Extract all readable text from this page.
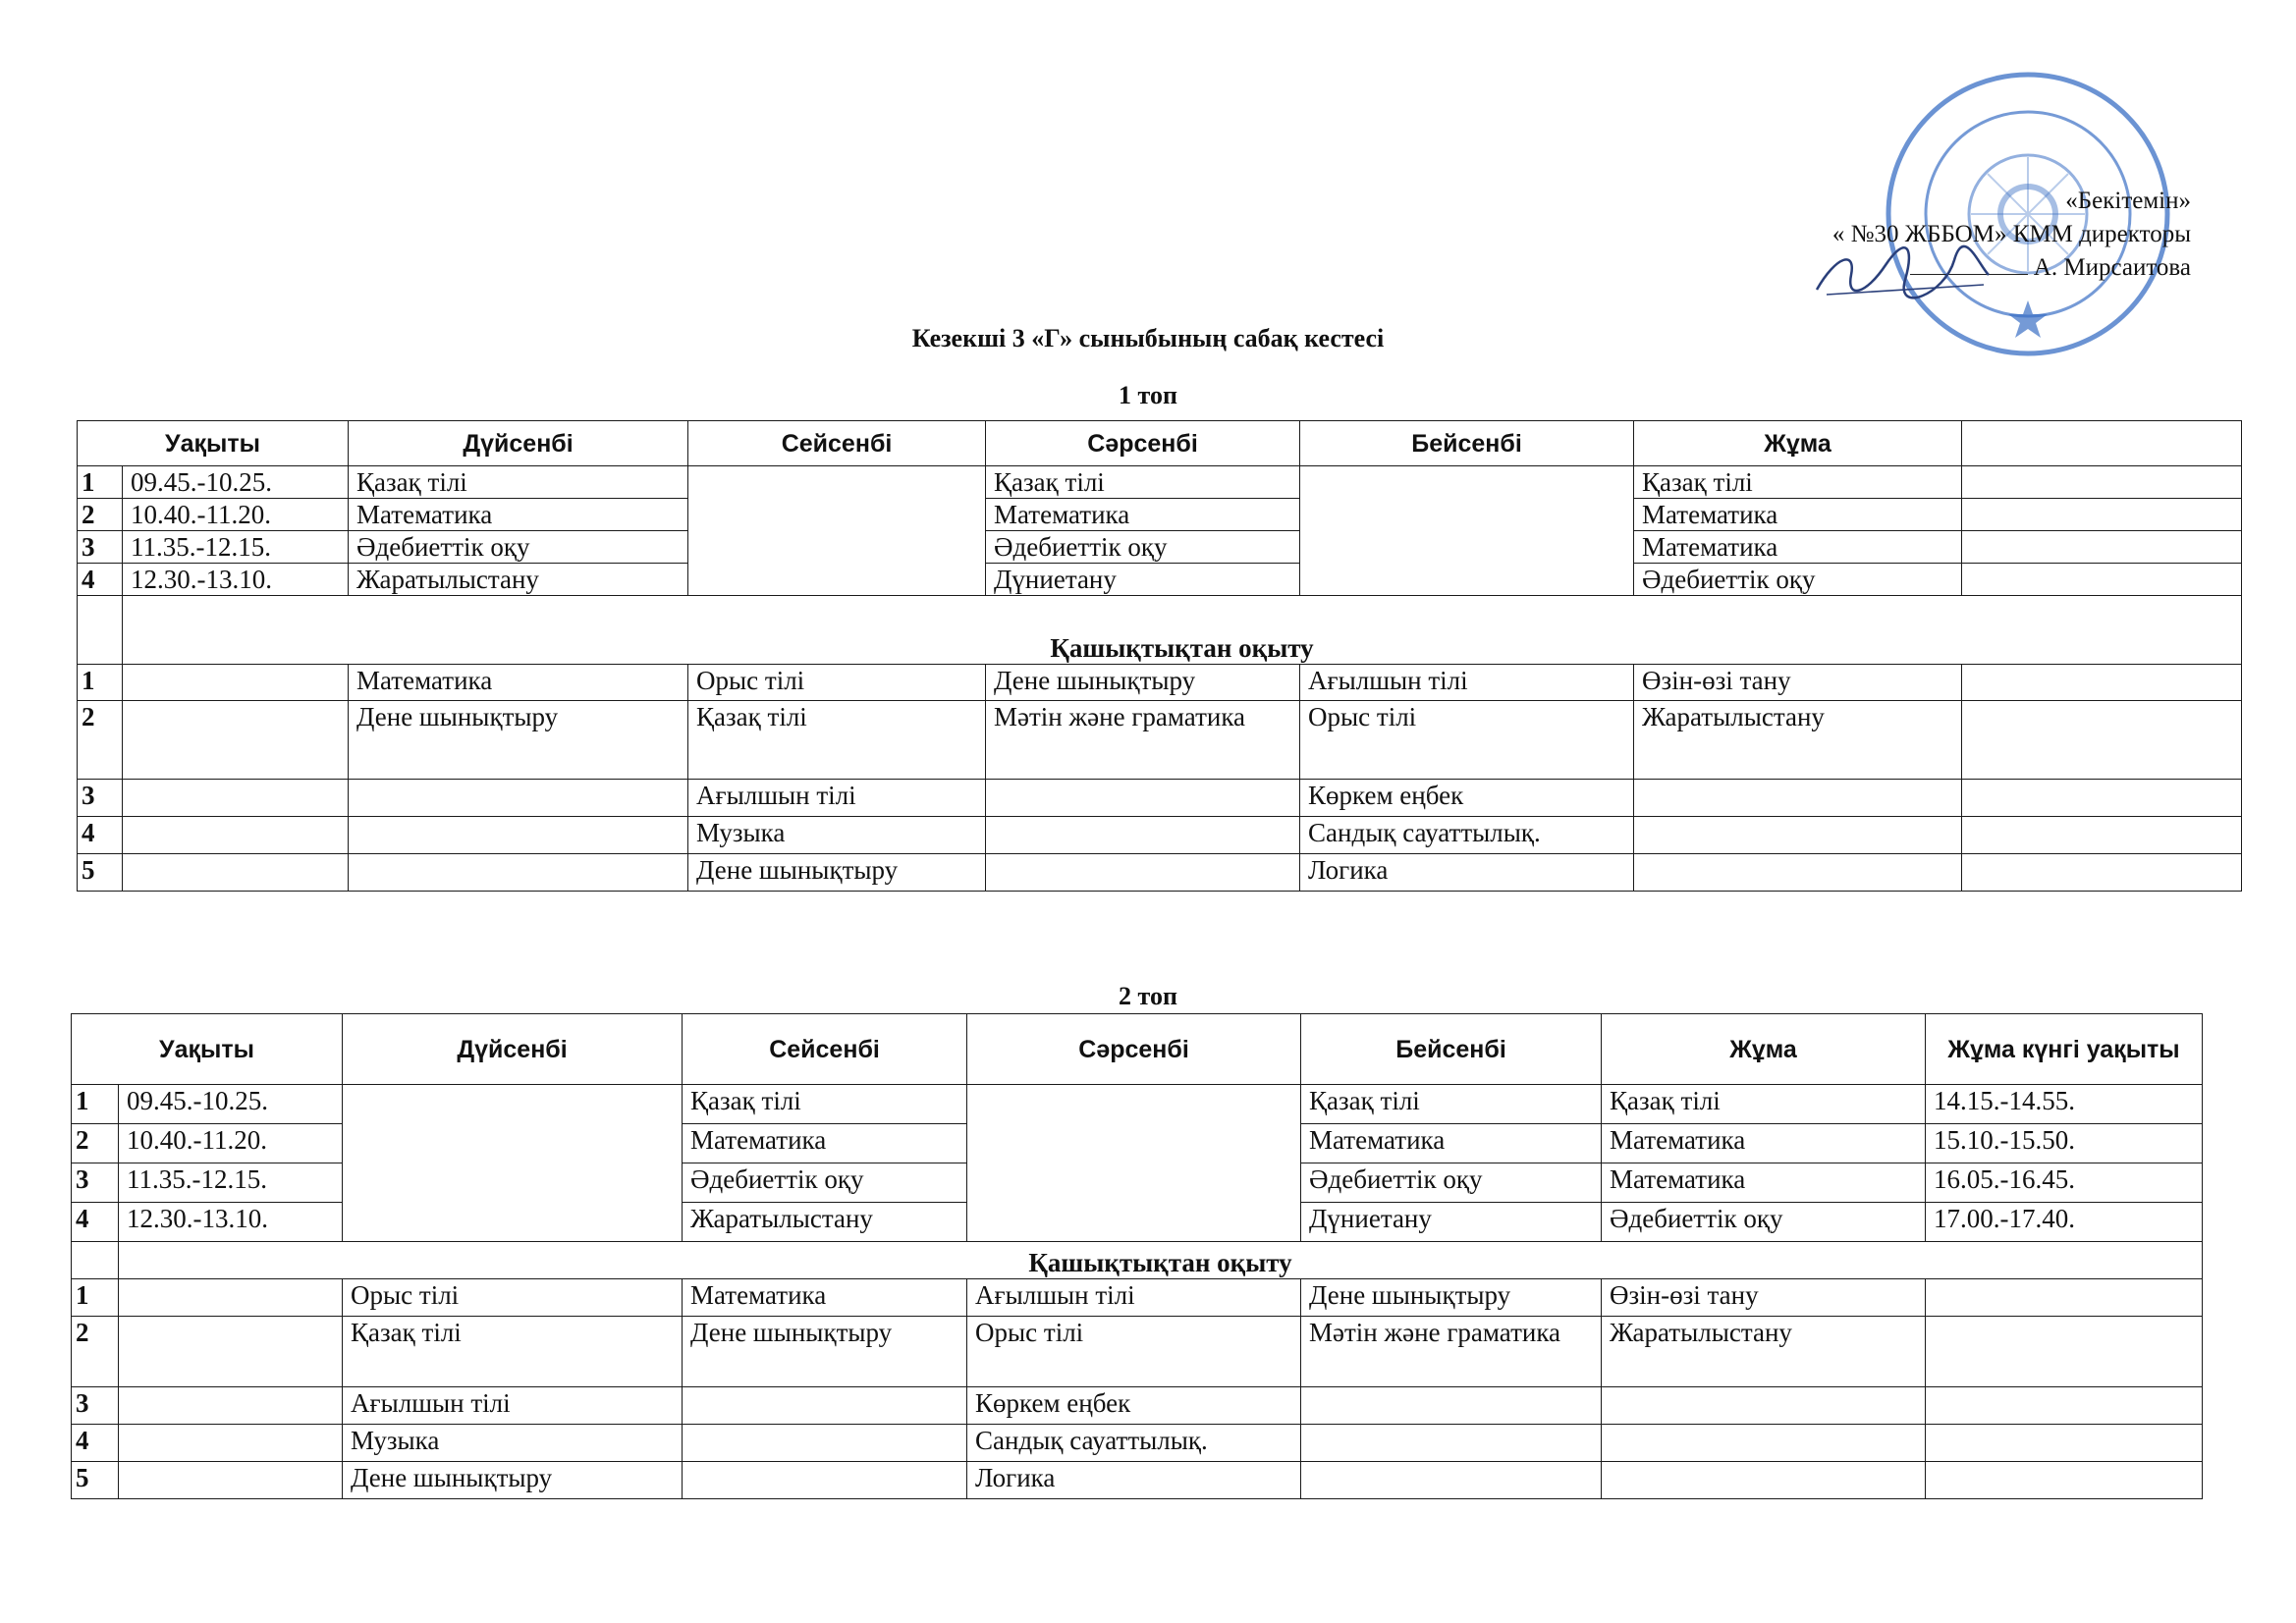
«Бекітемін»
« №30 ЖББОМ» КММ директоры
А. Мирсаитова
Кезекші 3 «Г» сыныбының сабақ кестесі
1 топ
Уақыты		Дүйсенбі	Сейсенбі	Сәрсенбі	Бейсенбі	Жұма	
1	09.45.-10.25.	Қазақ тілі		Қазақ тілі		Қазақ тілі	
2	10.40.-11.20.	Математика		Математика		Математика	
3	11.35.-12.15.	Әдебиеттік оқу		Әдебиеттік оқу		Математика	
4	12.30.-13.10.	Жаратылыстану		Дүниетану		Әдебиеттік оқу	
	Қашықтықтан оқыту						
1		Математика	Орыс тілі	Дене шынықтыру	Ағылшын тілі	Өзін-өзі тану	
2		Дене шынықтыру	Қазақ тілі	Мәтін және граматика	Орыс тілі	Жаратылыстану	
3			Ағылшын тілі		Көркем еңбек		
4			Музыка		Сандық сауаттылық.		
5			Дене шынықтыру		Логика		
2 топ
Уақыты		Дүйсенбі	Сейсенбі	Сәрсенбі	Бейсенбі	Жұма	Жұма күнгі уақыты
1	09.45.-10.25.		Қазақ тілі		Қазақ тілі	Қазақ тілі	14.15.-14.55.
2	10.40.-11.20.		Математика		Математика	Математика	15.10.-15.50.
3	11.35.-12.15.		Әдебиеттік оқу		Әдебиеттік оқу	Математика	16.05.-16.45.
4	12.30.-13.10.		Жаратылыстану		Дүниетану	Әдебиеттік оқу	17.00.-17.40.
	Қашықтықтан оқыту						
1		Орыс тілі	Математика	Ағылшын тілі	Дене шынықтыру	Өзін-өзі тану	
2		Қазақ тілі	Дене шынықтыру	Орыс тілі	Мәтін және граматика	Жаратылыстану	
3		Ағылшын тілі		Көркем еңбек			
4		Музыка		Сандық сауаттылық.			
5		Дене шынықтыру		Логика			
